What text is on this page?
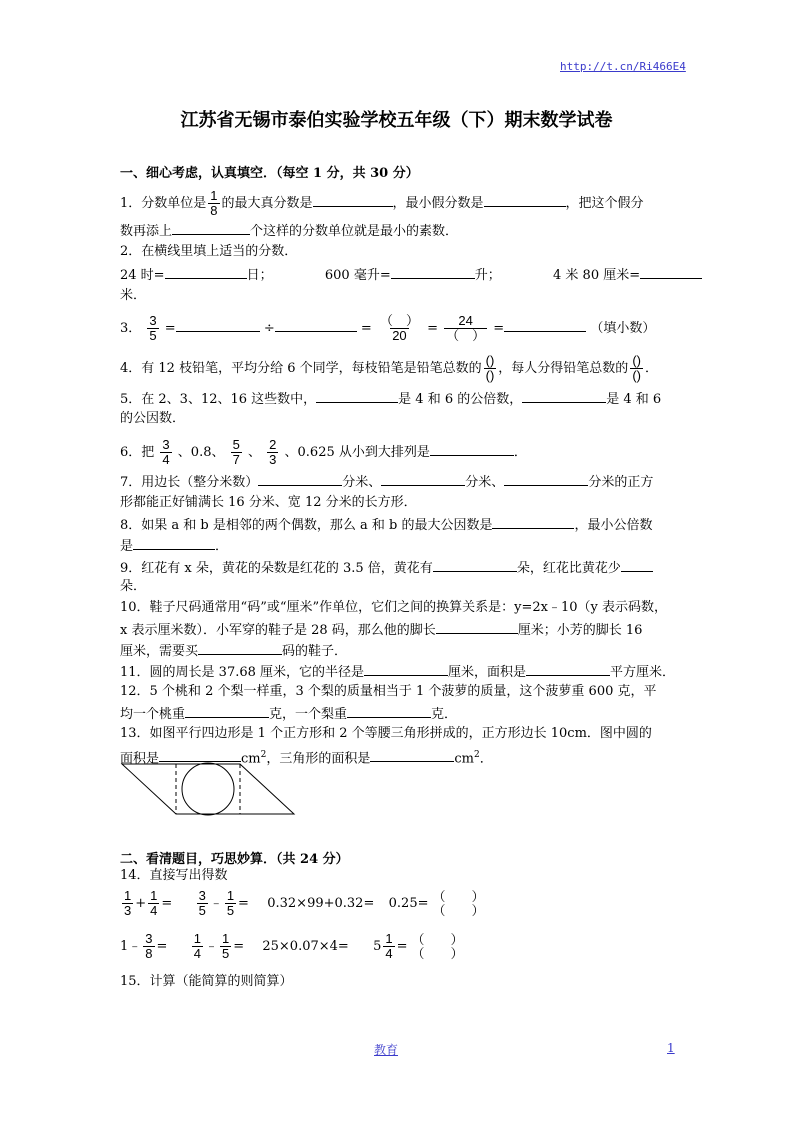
http://t.cn/Ri466E4
江苏省无锡市泰伯实验学校五年级（下）期末数学试卷
一、细心考虑，认真填空．（每空 1 分，共 30 分）
1．分数单位是 $\frac{1}{8}$ 的最大真分数是	，最小假分数是	，把这个假分
数再添上	个这样的分数单位就是最小的素数．
2．在横线里填上适当的分数．
24 时=	日；	600 毫升=	升；	4 米 80 厘米=
米．
3． $\frac{3}{5}$ =	÷	= $\frac{( )}{20} = \frac{24}{( )}$ =	（填小数）
4．有 12 枝铅笔，平均分给 6 个同学，每枝铅笔是铅笔总数的 $\frac{()}{()}$ ，每人分得铅笔总数的 $\frac{()}{()}$ ．
5．在 2、3、12、16 这些数中，	是 4 和 6 的公倍数，	是 4 和 6
的公因数．
6．把 $\frac{3}{4}$ 、0.8、 $\frac{5}{7}$ 、 $\frac{2}{3}$ 、0.625 从小到大排列是	．
7．用边长（整分米数）	分米、	分米、	分米的正方
形都能正好铺满长 16 分米、宽 12 分米的长方形．
8．如果 a 和 b 是相邻的两个偶数，那么 a 和 b 的最大公因数是	，最小公倍数
是	．
9．红花有 x 朵，黄花的朵数是红花的 3.5 倍，黄花有	朵，红花比黄花少
朵．
10．鞋子尺码通常用“码”或“厘米”作单位，它们之间的换算关系是：y=2x﹣10（y 表示码数，
x 表示厘米数）．小军穿的鞋子是 28 码，那么他的脚长	厘米；小芳的脚长 16
厘米，需要买	码的鞋子．
11．圆的周长是 37.68 厘米，它的半径是	厘米，面积是	平方厘米．
12．5 个桃和 2 个梨一样重，3 个梨的质量相当于 1 个菠萝的质量，这个菠萝重 600 克，平
均一个桃重	克，一个梨重	克．
13．如图平行四边形是 1 个正方形和 2 个等腰三角形拼成的，正方形边长 10cm．图中圆的
面积是	$cm^2$，三角形的面积是	$cm^2$．
二、看清题目，巧思妙算．（共 24 分）
14．直接写出得数
$\frac{1}{3} + \frac{1}{4} = \frac{3}{5}$ ﹣ $\frac{1}{5} = 0.32\times 99+0.32= 0.25=$ （　　）
（　　）
1﹣ $\frac{3}{8} = \frac{1}{4}$ ﹣ $\frac{1}{5} = 25\times 0.07\times 4= 5 \frac{1}{4}$ = （　　）
（　　）
15．计算（能简算的则简算）
教育	1
